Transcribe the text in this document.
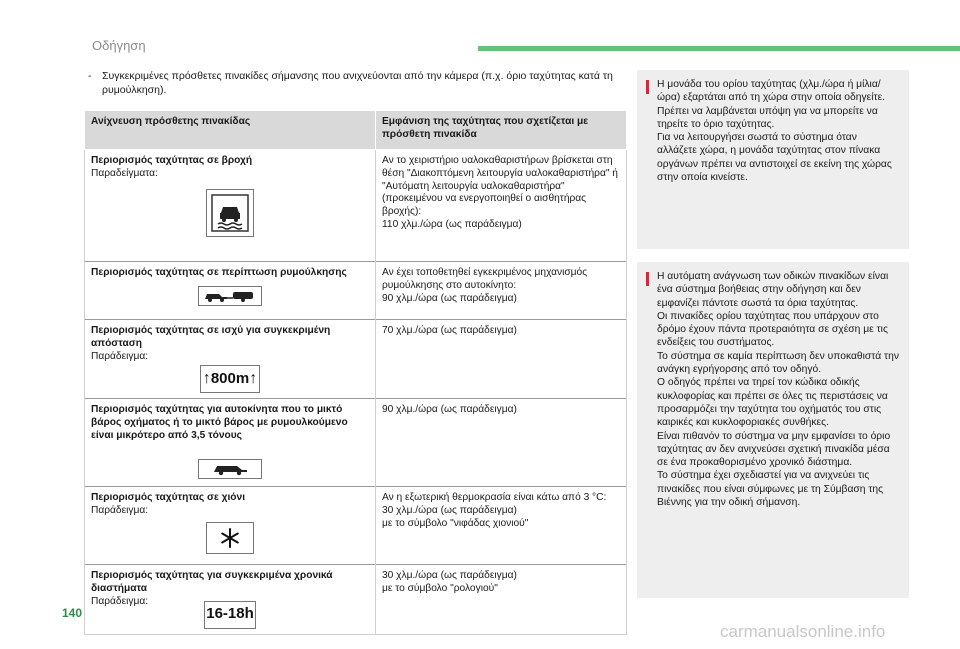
Οδήγηση
- Συγκεκριμένες πρόσθετες πινακίδες σήμανσης που ανιχνεύονται από την κάμερα (π.χ. όριο ταχύτητας κατά τη ρυμούλκηση).
Ανίχνευση πρόσθετης πινακίδας	Εμφάνιση της ταχύτητας που σχετίζεται με πρόσθετη πινακίδα

Περιορισμός ταχύτητας σε βροχή
Παραδείγματα:	Αν το χειριστήριο υαλοκαθαριστήρων βρίσκεται στη θέση "Διακοπτόμενη λειτουργία υαλοκαθαριστήρα" ή "Αυτόματη λειτουργία υαλοκαθαριστήρα" (προκειμένου να ενεργοποιηθεί ο αισθητήρας βροχής):
110 χλμ./ώρα (ως παράδειγμα)

Περιορισμός ταχύτητας σε περίπτωση ρυμούλκησης	Αν έχει τοποθετηθεί εγκεκριμένος μηχανισμός ρυμούλκησης στο αυτοκίνητο:
90 χλμ./ώρα (ως παράδειγμα)

Περιορισμός ταχύτητας σε ισχύ για συγκεκριμένη απόσταση
Παράδειγμα:
↑ 800m ↑	70 χλμ./ώρα (ως παράδειγμα)

Περιορισμός ταχύτητας για αυτοκίνητα που το μικτό βάρος οχήματος ή το μικτό βάρος με ρυμουλκούμενο είναι μικρότερο από 3,5 τόνους	90 χλμ./ώρα (ως παράδειγμα)

Περιορισμός ταχύτητας σε χιόνι
Παράδειγμα:	Αν η εξωτερική θερμοκρασία είναι κάτω από 3 °C:
30 χλμ./ώρα (ως παράδειγμα)
με το σύμβολο "νιφάδας χιονιού"

Περιορισμός ταχύτητας για συγκεκριμένα χρονικά διαστήματα
Παράδειγμα:
16-18h	30 χλμ./ώρα (ως παράδειγμα)
με το σύμβολο "ρολογιού"
Η μονάδα του ορίου ταχύτητας (χλμ./ώρα ή μίλια/ώρα) εξαρτάται από τη χώρα στην οποία οδηγείτε.
Πρέπει να λαμβάνεται υπόψη για να μπορείτε να τηρείτε το όριο ταχύτητας.
Για να λειτουργήσει σωστά το σύστημα όταν αλλάζετε χώρα, η μονάδα ταχύτητας στον πίνακα οργάνων πρέπει να αντιστοιχεί σε εκείνη της χώρας στην οποία κινείστε.
Η αυτόματη ανάγνωση των οδικών πινακίδων είναι ένα σύστημα βοήθειας στην οδήγηση και δεν εμφανίζει πάντοτε σωστά τα όρια ταχύτητας.
Οι πινακίδες ορίου ταχύτητας που υπάρχουν στο δρόμο έχουν πάντα προτεραιότητα σε σχέση με τις ενδείξεις του συστήματος.
Το σύστημα σε καμία περίπτωση δεν υποκαθιστά την ανάγκη εγρήγορσης από τον οδηγό.
Ο οδηγός πρέπει να τηρεί τον κώδικα οδικής κυκλοφορίας και πρέπει σε όλες τις περιστάσεις να προσαρμόζει την ταχύτητα του οχήματός του στις καιρικές και κυκλοφοριακές συνθήκες.
Είναι πιθανόν το σύστημα να μην εμφανίσει το όριο ταχύτητας αν δεν ανιχνεύσει σχετική πινακίδα μέσα σε ένα προκαθορισμένο χρονικό διάστημα.
Το σύστημα έχει σχεδιαστεί για να ανιχνεύει τις πινακίδες που είναι σύμφωνες με τη Σύμβαση της Βιέννης για την οδική σήμανση.
140
carmanualsonline.info
